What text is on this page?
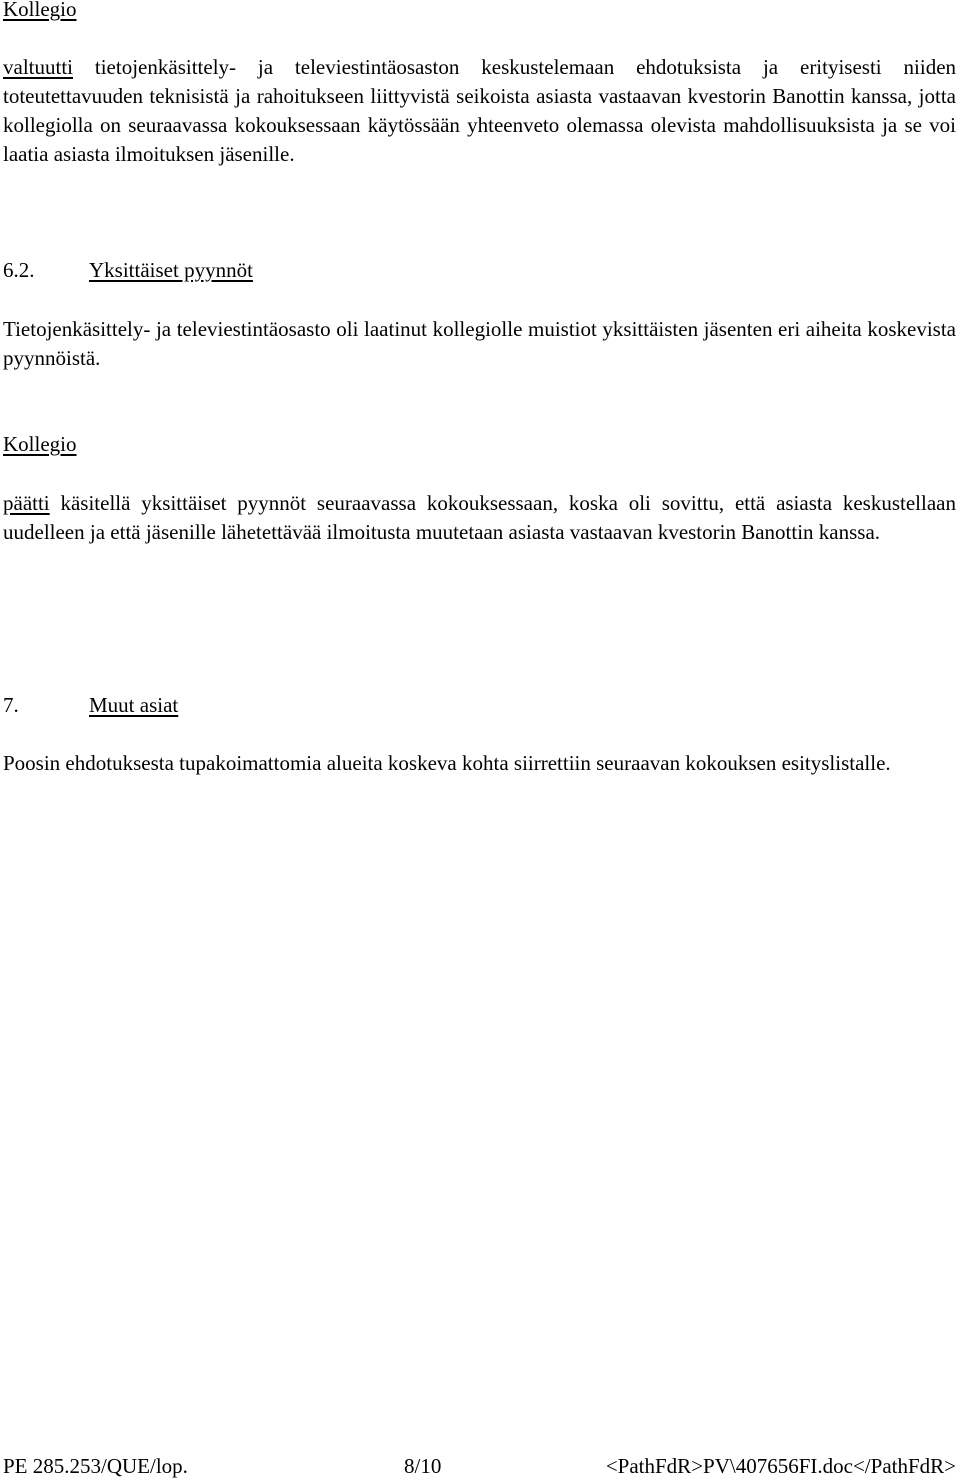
Kollegio

valtuutti tietojenkäsittely- ja televiestintäosaston keskustelemaan ehdotuksista ja erityisesti niiden toteutettavuuden teknisistä ja rahoitukseen liittyvistä seikoista asiasta vastaavan kvestorin Banottin kanssa, jotta kollegiolla on seuraavassa kokouksessaan käytössään yhteenveto olemassa olevista mahdollisuuksista ja se voi laatia asiasta ilmoituksen jäsenille.

6.2.	Yksittäiset pyynnöt

Tietojenkäsittely- ja televiestintäosasto oli laatinut kollegiolle muistiot yksittäisten jäsenten eri aiheita koskevista pyynnöistä.

Kollegio

päätti käsitellä yksittäiset pyynnöt seuraavassa kokouksessaan, koska oli sovittu, että asiasta keskustellaan uudelleen ja että jäsenille lähetettävää ilmoitusta muutetaan asiasta vastaavan kvestorin Banottin kanssa.

7.	Muut asiat

Poosin ehdotuksesta tupakoimattomia alueita koskeva kohta siirrettiin seuraavan kokouksen esityslistalle.

PE 285.253/QUE/lop.	8/10	<PathFdR>PV\407656FI.doc</PathFdR>
